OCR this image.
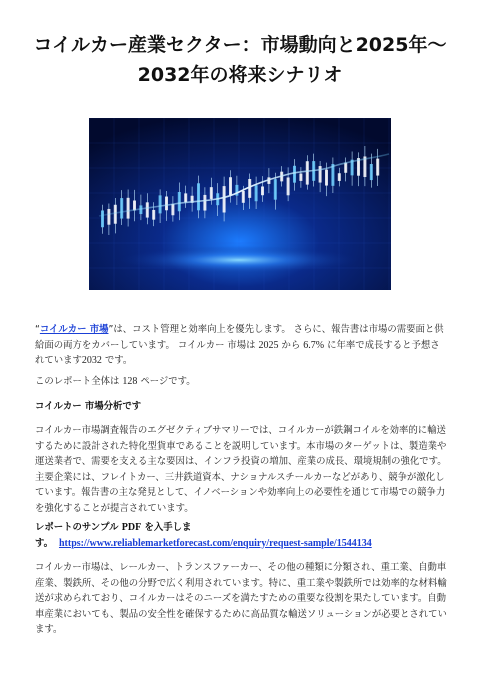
コイルカー産業セクター：市場動向と2025年〜2032年の将来シナリオ

“コイルカー 市場”は、コスト管理と効率向上を優先します。 さらに、報告書は市場の需要面と供給面の両方をカバーしています。 コイルカー 市場は 2025 から 6.7% に年率で成長すると予想されています2032 です。

このレポート全体は 128 ページです。

コイルカー 市場分析です

コイルカー市場調査報告のエグゼクティブサマリーでは、コイルカーが鉄鋼コイルを効率的に輸送するために設計された特化型貨車であることを説明しています。本市場のターゲットは、製造業や運送業者で、需要を支える主な要因は、インフラ投資の増加、産業の成長、環境規制の強化です。主要企業には、フレイトカー、三井鉄道資本、ナショナルスチールカーなどがあり、競争が激化しています。報告書の主な発見として、イノベーションや効率向上の必要性を通じて市場での競争力を強化することが提言されています。

レポートのサンプル PDF を入手しま
す。 https://www.reliablemarketforecast.com/enquiry/request-sample/1544134

コイルカー市場は、レールカー、トランスファーカー、その他の種類に分類され、重工業、自動車産業、製鉄所、その他の分野で広く利用されています。特に、重工業や製鉄所では効率的な材料輸送が求められており、コイルカーはそのニーズを満たすための重要な役割を果たしています。自動車産業においても、製品の安全性を確保するために高品質な輸送ソリューションが必要とされています。
